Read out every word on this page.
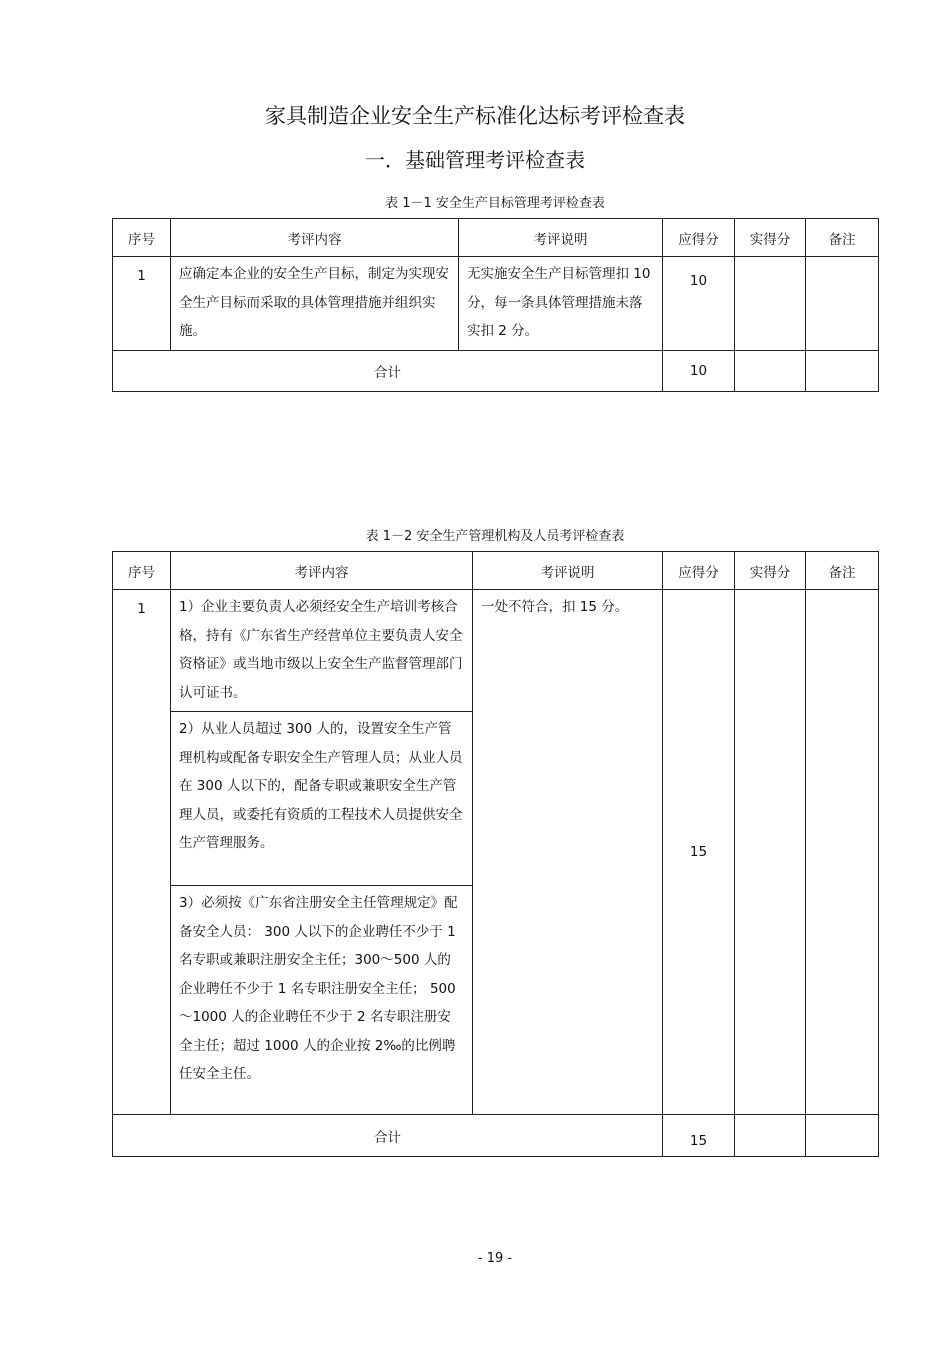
家具制造企业安全生产标准化达标考评检查表
一．基础管理考评检查表
表 1－1 安全生产目标管理考评检查表
序号	考评内容	考评说明	应得分	实得分	备注
1	应确定本企业的安全生产目标，制定为实现安全生产目标而采取的具体管理措施并组织实施。	无实施安全生产目标管理扣 10 分，每一条具体管理措施未落实扣 2 分。	10		
合计			10		
表 1－2 安全生产管理机构及人员考评检查表
序号	考评内容	考评说明	应得分	实得分	备注
1	1）企业主要负责人必须经安全生产培训考核合格，持有《广东省生产经营单位主要负责人安全资格证》或当地市级以上安全生产监督管理部门认可证书。	一处不符合，扣 15 分。	15		
	2）从业人员超过 300 人的，设置安全生产管理机构或配备专职安全生产管理人员；从业人员在 300 人以下的，配备专职或兼职安全生产管理人员，或委托有资质的工程技术人员提供安全生产管理服务。				
	3）必须按《广东省注册安全主任管理规定》配备安全人员： 300 人以下的企业聘任不少于 1 名专职或兼职注册安全主任；300～500 人的企业聘任不少于 1 名专职注册安全主任； 500～1000 人的企业聘任不少于 2 名专职注册安全主任；超过 1000 人的企业按 2‰的比例聘任安全主任。				
合计			15		
- 19 -
